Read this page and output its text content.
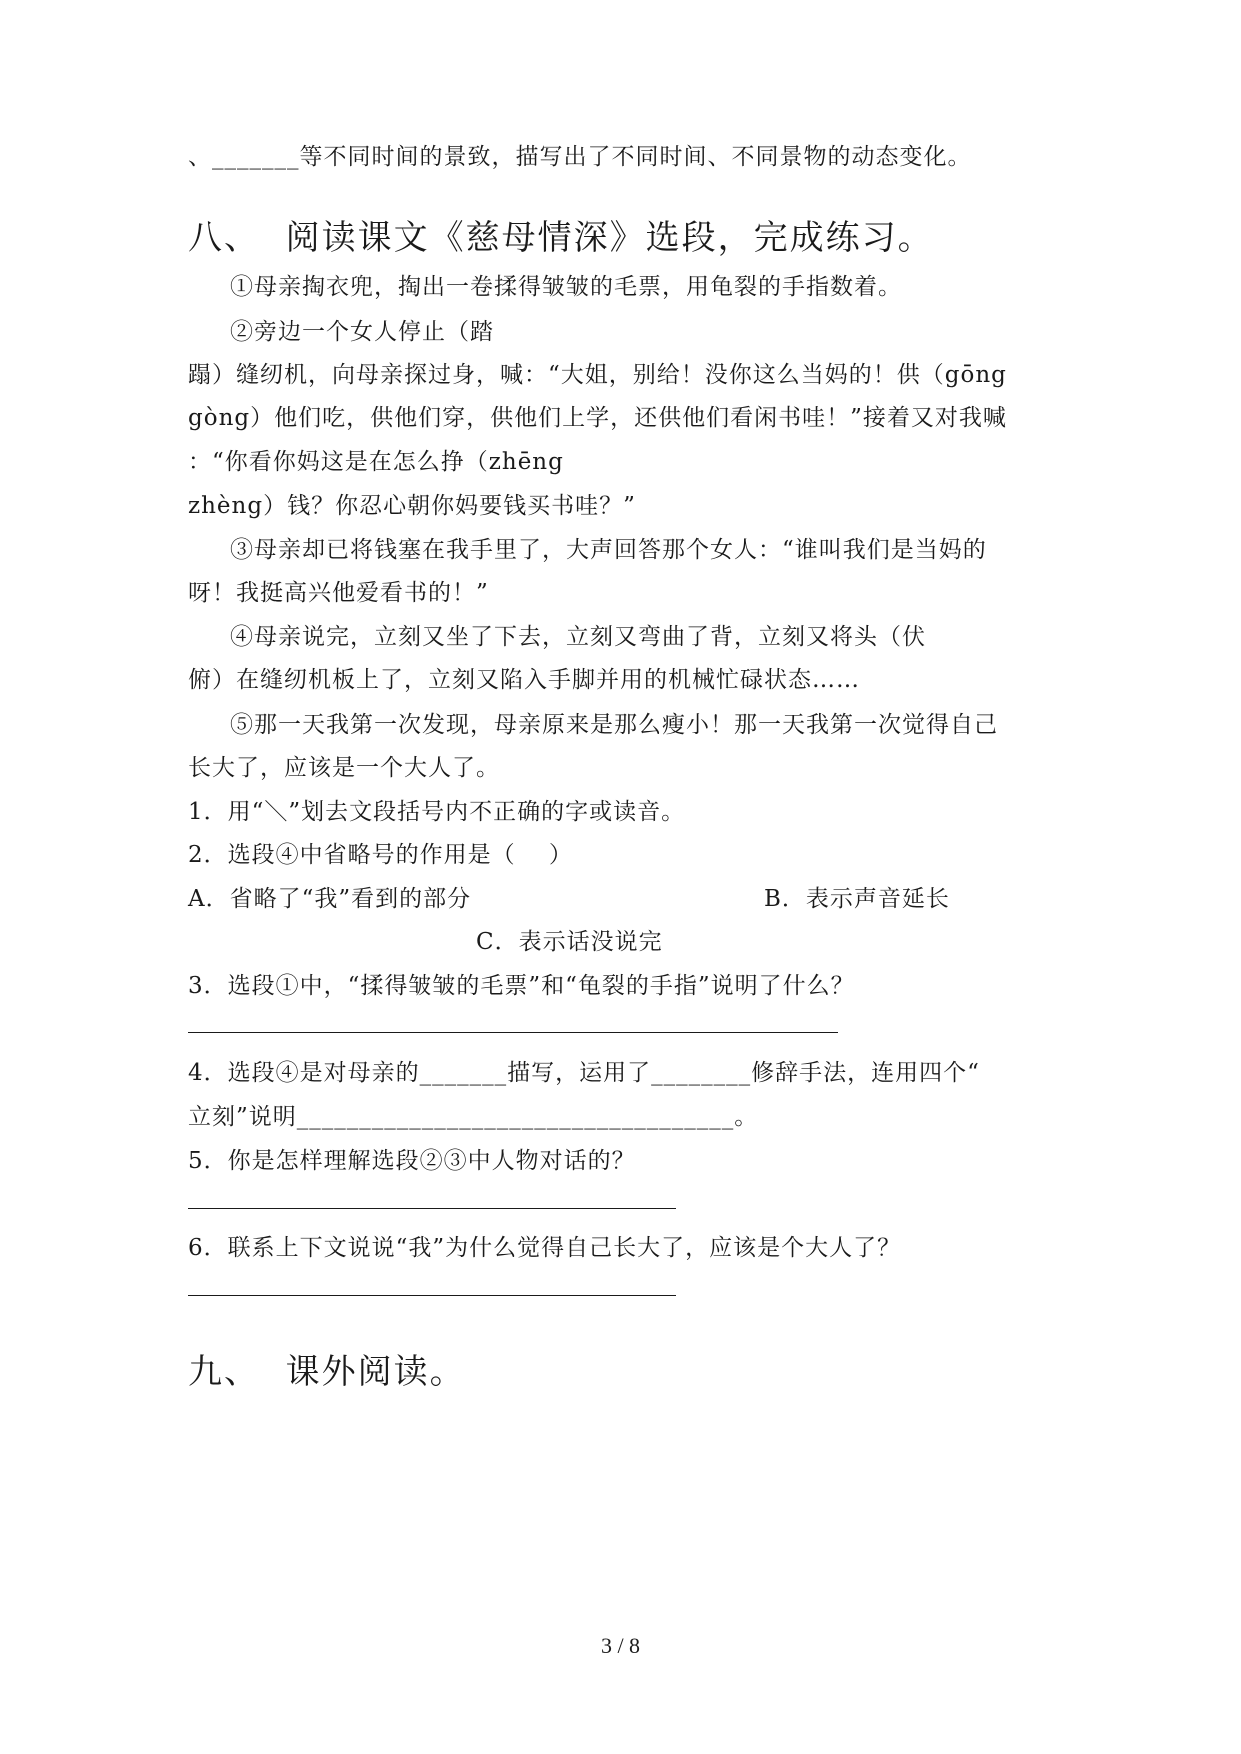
、_______等不同时间的景致，描写出了不同时间、不同景物的动态变化。
八、  阅读课文《慈母情深》选段，完成练习。
①母亲掏衣兜，掏出一卷揉得皱皱的毛票，用龟裂的手指数着。
②旁边一个女人停止（踏
蹋）缝纫机，向母亲探过身，喊：“大姐，别给！没你这么当妈的！供（gōng
gòng）他们吃，供他们穿，供他们上学，还供他们看闲书哇！”接着又对我喊
：“你看你妈这是在怎么挣（zhēng
zhèng）钱？你忍心朝你妈要钱买书哇？”
③母亲却已将钱塞在我手里了，大声回答那个女人：“谁叫我们是当妈的
呀！我挺高兴他爱看书的！”
④母亲说完，立刻又坐了下去，立刻又弯曲了背，立刻又将头（伏
俯）在缝纫机板上了，立刻又陷入手脚并用的机械忙碌状态……
⑤那一天我第一次发现，母亲原来是那么瘦小！那一天我第一次觉得自己
长大了，应该是一个大人了。
1．用“＼”划去文段括号内不正确的字或读音。
2．选段④中省略号的作用是（    ）
A．省略了“我”看到的部分	B．表示声音延长
C．表示话没说完
3．选段①中，“揉得皱皱的毛票”和“龟裂的手指”说明了什么？
4．选段④是对母亲的_______描写，运用了________修辞手法，连用四个“
立刻”说明___________________________________。
5．你是怎样理解选段②③中人物对话的？
6．联系上下文说说“我”为什么觉得自己长大了，应该是个大人了？
九、  课外阅读。
3 / 8
